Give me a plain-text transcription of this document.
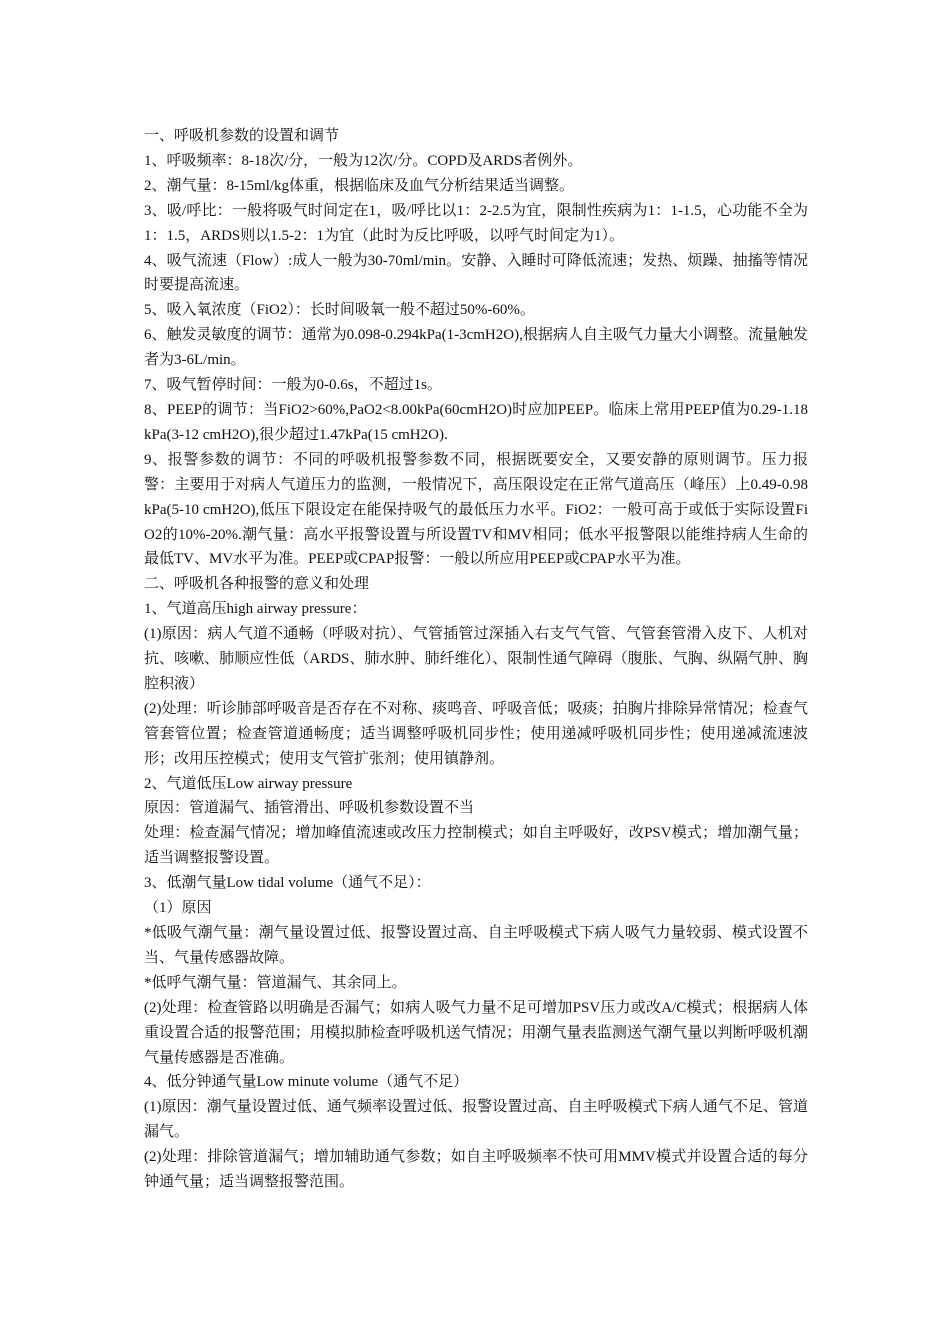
一、呼吸机参数的设置和调节

1、呼吸频率：8-18次/分，一般为12次/分。COPD及ARDS者例外。

2、潮气量：8-15ml/kg体重，根据临床及血气分析结果适当调整。

3、吸/呼比：一般将吸气时间定在1，吸/呼比以1：2-2.5为宜，限制性疾病为1：1-1.5，心功能不全为1：1.5，ARDS则以1.5-2：1为宜（此时为反比呼吸，以呼气时间定为1）。

4、吸气流速（Flow）:成人一般为30-70ml/min。安静、入睡时可降低流速；发热、烦躁、抽搐等情况时要提高流速。

5、吸入氧浓度（FiO2）：长时间吸氧一般不超过50%-60%。

6、触发灵敏度的调节：通常为0.098-0.294kPa(1-3cmH2O),根据病人自主吸气力量大小调整。流量触发者为3-6L/min。

7、吸气暂停时间：一般为0-0.6s，不超过1s。

8、PEEP的调节：当FiO2>60%,PaO2<8.00kPa(60cmH2O)时应加PEEP。临床上常用PEEP值为0.29-1.18kPa(3-12 cmH2O),很少超过1.47kPa(15 cmH2O).

9、报警参数的调节：不同的呼吸机报警参数不同，根据既要安全，又要安静的原则调节。压力报警：主要用于对病人气道压力的监测，一般情况下，高压限设定在正常气道高压（峰压）上0.49-0.98 kPa(5-10 cmH2O),低压下限设定在能保持吸气的最低压力水平。FiO2：一般可高于或低于实际设置FiO2的10%-20%.潮气量：高水平报警设置与所设置TV和MV相同；低水平报警限以能维持病人生命的最低TV、MV水平为准。PEEP或CPAP报警：一般以所应用PEEP或CPAP水平为准。

二、呼吸机各种报警的意义和处理

1、气道高压high airway pressure：

(1)原因：病人气道不通畅（呼吸对抗）、气管插管过深插入右支气气管、气管套管滑入皮下、人机对抗、咳嗽、肺顺应性低（ARDS、肺水肿、肺纤维化）、限制性通气障碍（腹胀、气胸、纵隔气肿、胸腔积液）

(2)处理：听诊肺部呼吸音是否存在不对称、痰鸣音、呼吸音低；吸痰；拍胸片排除异常情况；检查气管套管位置；检查管道通畅度；适当调整呼吸机同步性；使用递减呼吸机同步性；使用递减流速波形；改用压控模式；使用支气管扩张剂；使用镇静剂。

2、气道低压Low airway pressure

原因：管道漏气、插管滑出、呼吸机参数设置不当

处理：检查漏气情况；增加峰值流速或改压力控制模式；如自主呼吸好，改PSV模式；增加潮气量；适当调整报警设置。

3、低潮气量Low tidal volume（通气不足）：

（1）原因

*低吸气潮气量：潮气量设置过低、报警设置过高、自主呼吸模式下病人吸气力量较弱、模式设置不当、气量传感器故障。

*低呼气潮气量：管道漏气、其余同上。

(2)处理：检查管路以明确是否漏气；如病人吸气力量不足可增加PSV压力或改A/C模式；根据病人体重设置合适的报警范围；用模拟肺检查呼吸机送气情况；用潮气量表监测送气潮气量以判断呼吸机潮气量传感器是否准确。

4、低分钟通气量Low minute volume（通气不足）

(1)原因：潮气量设置过低、通气频率设置过低、报警设置过高、自主呼吸模式下病人通气不足、管道漏气。

(2)处理：排除管道漏气；增加辅助通气参数；如自主呼吸频率不快可用MMV模式并设置合适的每分钟通气量；适当调整报警范围。
